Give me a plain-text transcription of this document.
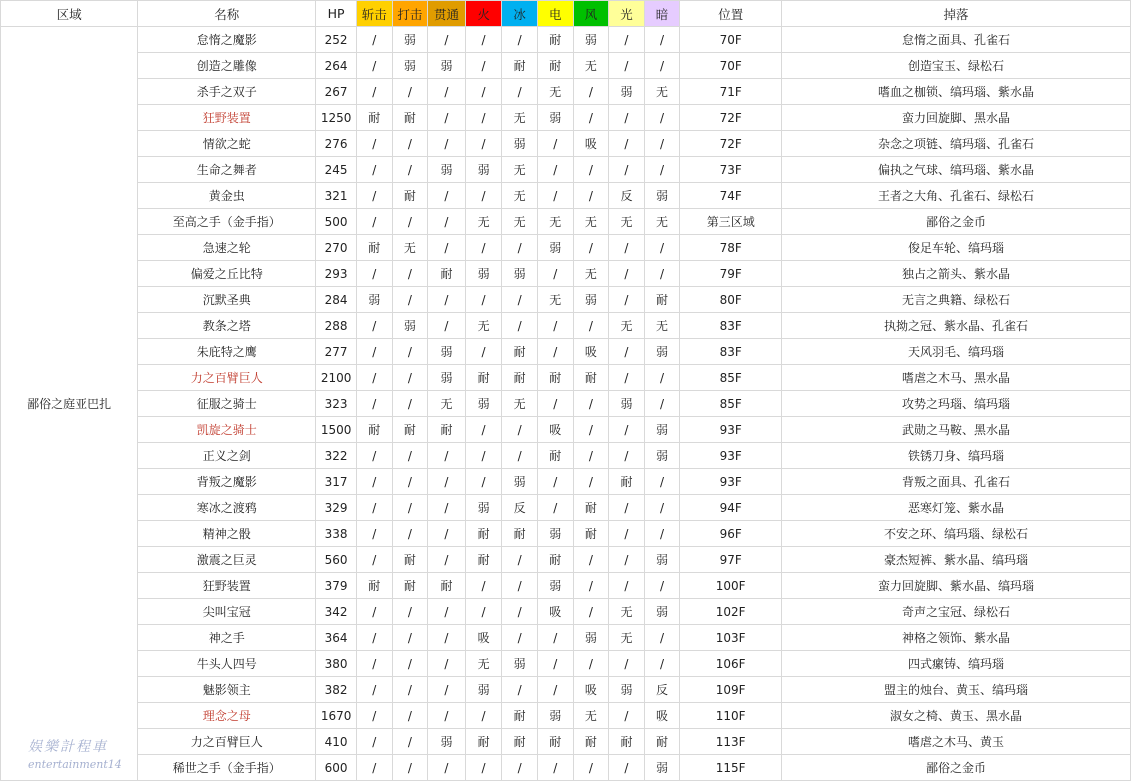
区域	名称	HP	斩击	打击	贯通	火	冰	电	风	光	暗	位置	掉落
鄙俗之庭亚巴扎	怠惰之魔影	252	/	弱	/	/	/	耐	弱	/	/	70F	怠惰之面具、孔雀石
	创造之雕像	264	/	弱	弱	/	耐	耐	无	/	/	70F	创造宝玉、绿松石
	杀手之双子	267	/	/	/	/	/	无	/	弱	无	71F	嗜血之枷锁、缟玛瑙、紫水晶
	狂野装置	1250	耐	耐	/	/	无	弱	/	/	/	72F	蛮力回旋脚、黑水晶
	情欲之蛇	276	/	/	/	/	弱	/	吸	/	/	72F	杂念之项链、缟玛瑙、孔雀石
	生命之舞者	245	/	/	弱	弱	无	/	/	/	/	73F	偏执之气球、缟玛瑙、紫水晶
	黄金虫	321	/	耐	/	/	无	/	/	反	弱	74F	王者之大角、孔雀石、绿松石
	至高之手（金手指）	500	/	/	/	无	无	无	无	无	无	第三区域	鄙俗之金币
	急速之轮	270	耐	无	/	/	/	弱	/	/	/	78F	俊足车轮、缟玛瑙
	偏爱之丘比特	293	/	/	耐	弱	弱	/	无	/	/	79F	独占之箭头、紫水晶
	沉默圣典	284	弱	/	/	/	/	无	弱	/	耐	80F	无言之典籍、绿松石
	教条之塔	288	/	弱	/	无	/	/	/	无	无	83F	执拗之冠、紫水晶、孔雀石
	朱庇特之鹰	277	/	/	弱	/	耐	/	吸	/	弱	83F	天风羽毛、缟玛瑙
	力之百臂巨人	2100	/	/	弱	耐	耐	耐	耐	/	/	85F	嗜虐之木马、黑水晶
	征服之骑士	323	/	/	无	弱	无	/	/	弱	/	85F	攻势之玛瑙、缟玛瑙
	凯旋之骑士	1500	耐	耐	耐	/	/	吸	/	/	弱	93F	武勋之马鞍、黑水晶
	正义之剑	322	/	/	/	/	/	耐	/	/	弱	93F	铁锈刀身、缟玛瑙
	背叛之魔影	317	/	/	/	/	弱	/	/	耐	/	93F	背叛之面具、孔雀石
	寒冰之渡鸦	329	/	/	/	弱	反	/	耐	/	/	94F	恶寒灯笼、紫水晶
	精神之骰	338	/	/	/	耐	耐	弱	耐	/	/	96F	不安之环、缟玛瑙、绿松石
	激震之巨灵	560	/	耐	/	耐	/	耐	/	/	弱	97F	豪杰短裤、紫水晶、缟玛瑙
	狂野装置	379	耐	耐	耐	/	/	弱	/	/	/	100F	蛮力回旋脚、紫水晶、缟玛瑙
	尖叫宝冠	342	/	/	/	/	/	吸	/	无	弱	102F	奇声之宝冠、绿松石
	神之手	364	/	/	/	吸	/	/	弱	无	/	103F	神格之领饰、紫水晶
	牛头人四号	380	/	/	/	无	弱	/	/	/	/	106F	四式瘰铸、缟玛瑙
	魅影领主	382	/	/	/	弱	/	/	吸	弱	反	109F	盟主的烛台、黄玉、缟玛瑙
	理念之母	1670	/	/	/	/	耐	弱	无	/	吸	110F	淑女之椅、黄玉、黑水晶
	力之百臂巨人	410	/	/	弱	耐	耐	耐	耐	耐	耐	113F	嗜虐之木马、黄玉
	稀世之手（金手指）	600	/	/	/	/	/	/	/	/	弱	115F	鄙俗之金币
娱樂計程車
entertainment14
